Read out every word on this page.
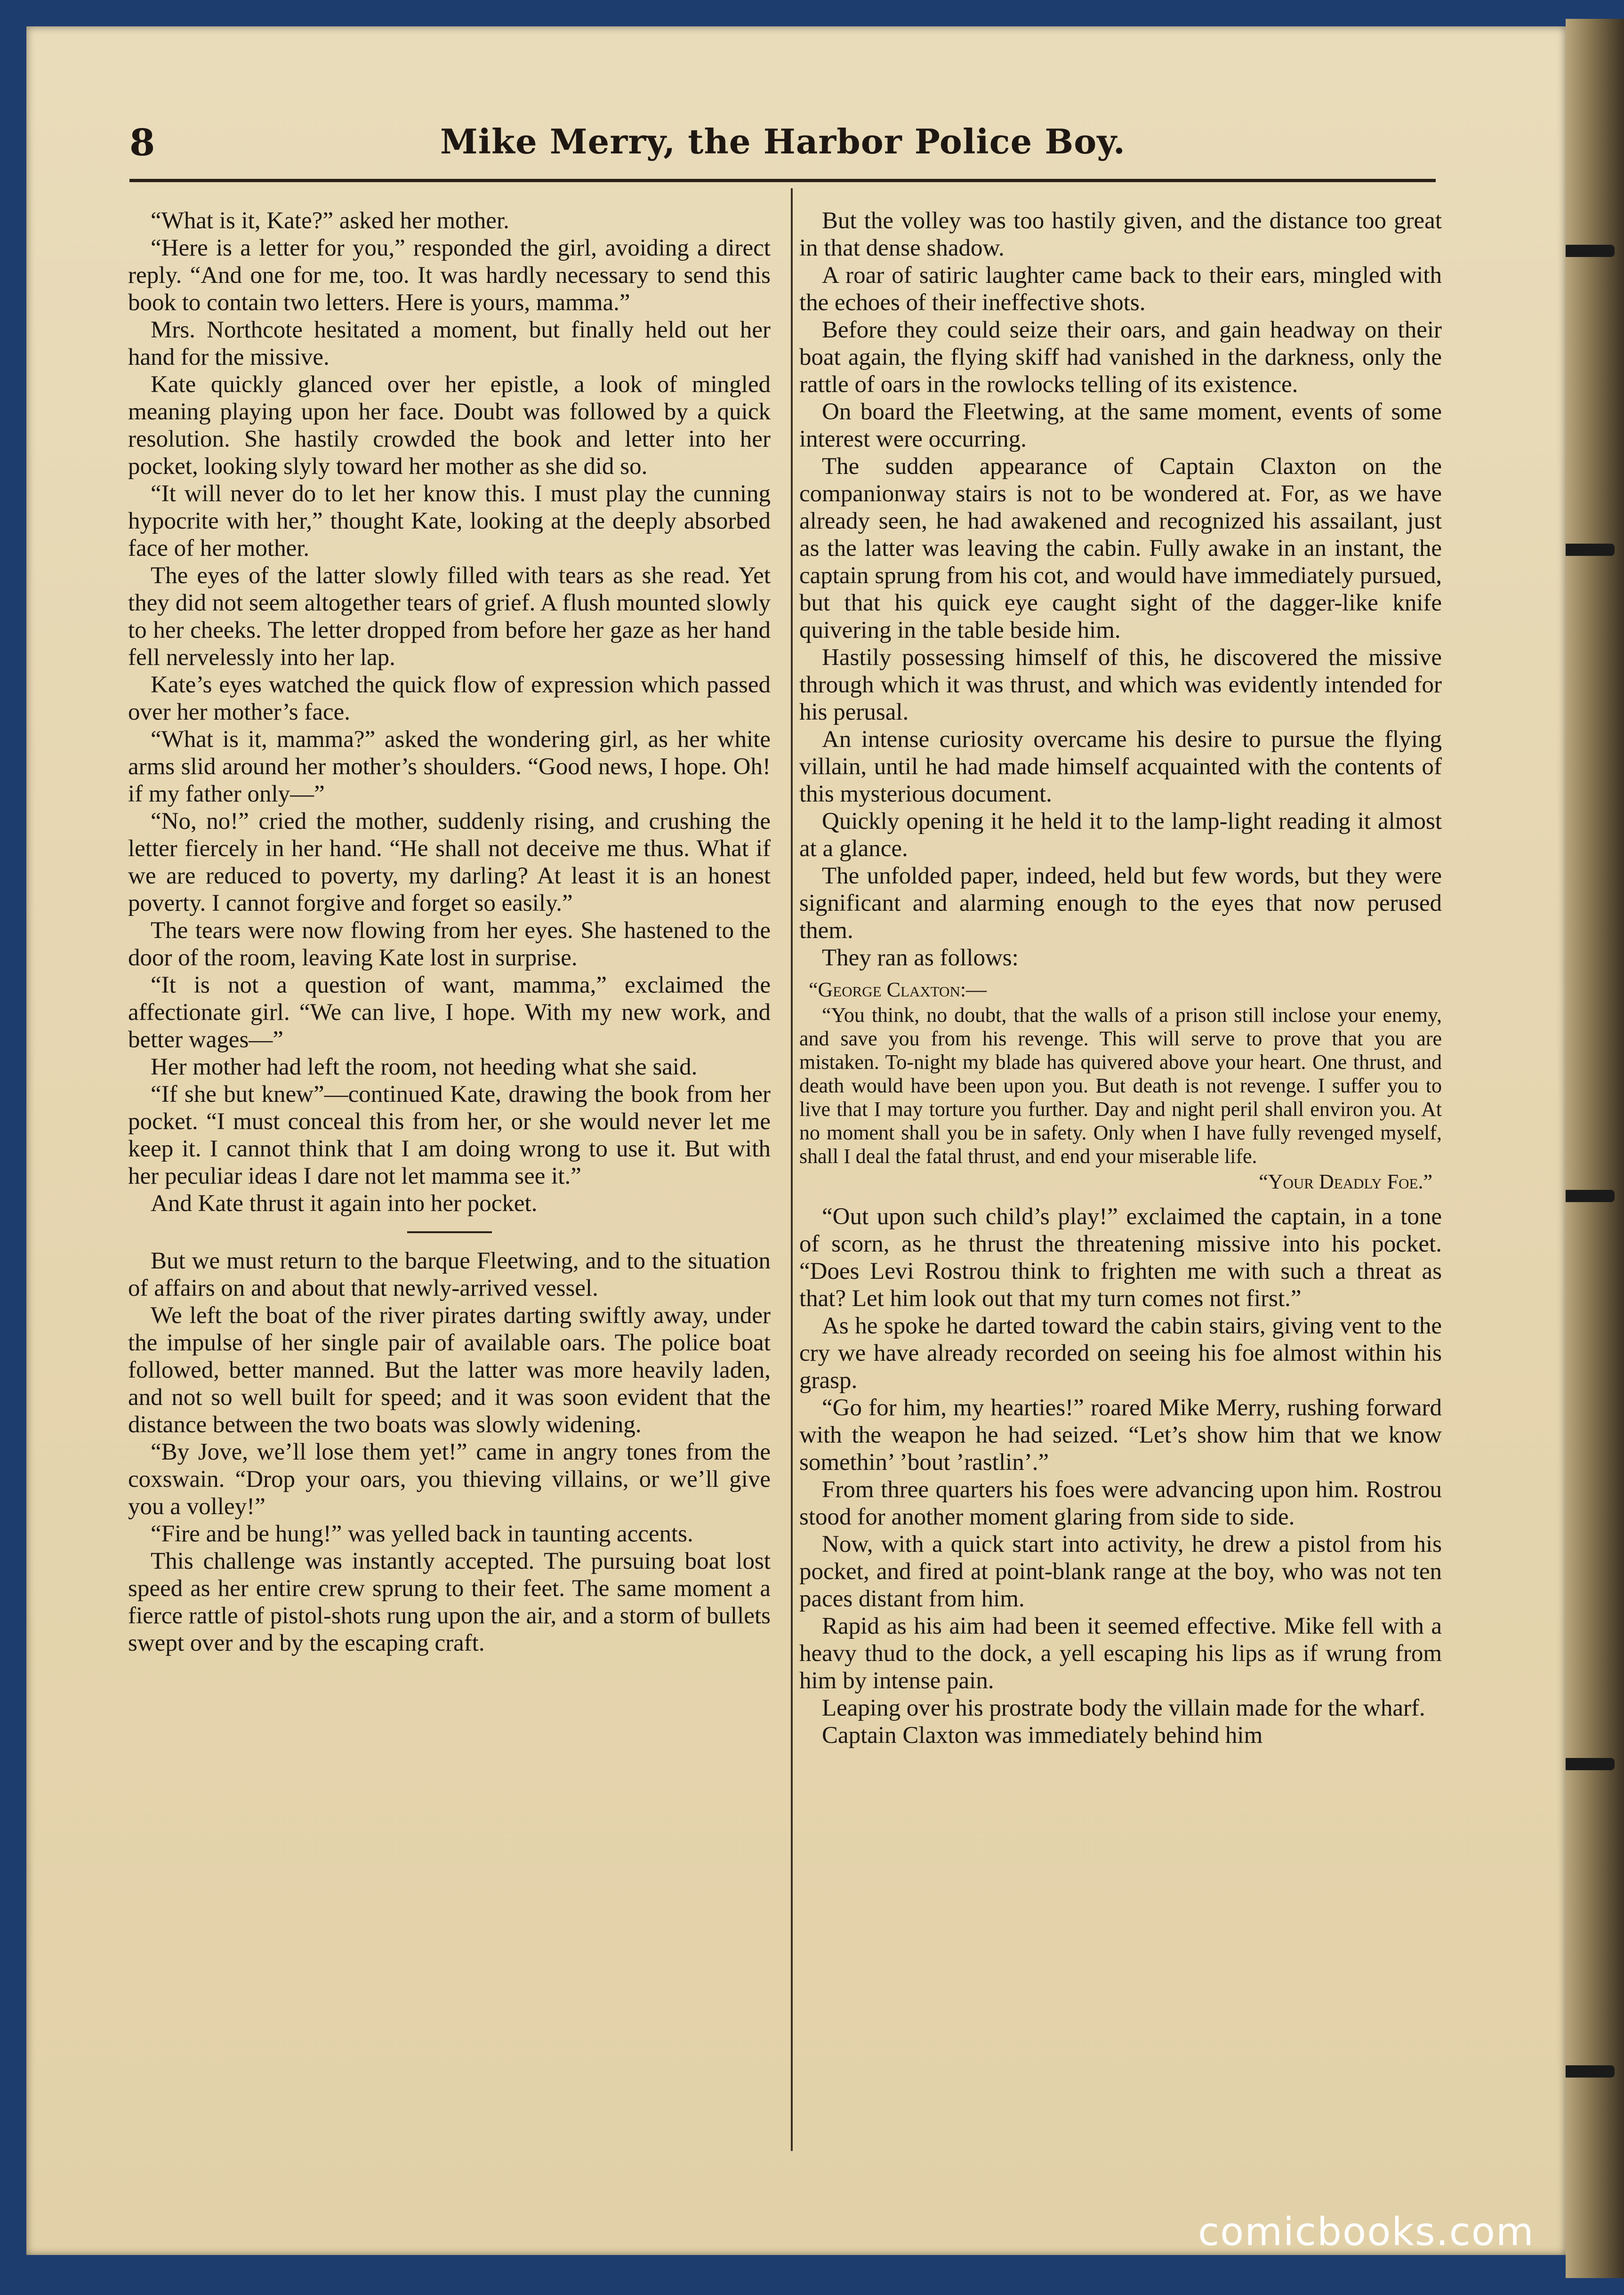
8	Mike Merry, the Harbor Police Boy.

“What is it, Kate?” asked her mother.

“Here is a letter for you,” responded the girl, avoiding a direct reply. “And one for me, too. It was hardly necessary to send this book to contain two letters. Here is yours, mamma.”

Mrs. Northcote hesitated a moment, but finally held out her hand for the missive.

Kate quickly glanced over her epistle, a look of mingled meaning playing upon her face. Doubt was followed by a quick resolution. She hastily crowded the book and letter into her pocket, looking slyly toward her mother as she did so.

“It will never do to let her know this. I must play the cunning hypocrite with her,” thought Kate, looking at the deeply absorbed face of her mother.

The eyes of the latter slowly filled with tears as she read. Yet they did not seem altogether tears of grief. A flush mounted slowly to her cheeks. The letter dropped from before her gaze as her hand fell nervelessly into her lap.

Kate’s eyes watched the quick flow of expression which passed over her mother’s face.

“What is it, mamma?” asked the wondering girl, as her white arms slid around her mother’s shoulders. “Good news, I hope. Oh! if my father only—”

“No, no!” cried the mother, suddenly rising, and crushing the letter fiercely in her hand. “He shall not deceive me thus. What if we are reduced to poverty, my darling? At least it is an honest poverty. I cannot forgive and forget so easily.”

The tears were now flowing from her eyes. She hastened to the door of the room, leaving Kate lost in surprise.

“It is not a question of want, mamma,” exclaimed the affectionate girl. “We can live, I hope. With my new work, and better wages—”

Her mother had left the room, not heeding what she said.

“If she but knew”—continued Kate, drawing the book from her pocket. “I must conceal this from her, or she would never let me keep it. I cannot think that I am doing wrong to use it. But with her peculiar ideas I dare not let mamma see it.”

And Kate thrust it again into her pocket.

But we must return to the barque Fleetwing, and to the situation of affairs on and about that newly-arrived vessel.

We left the boat of the river pirates darting swiftly away, under the impulse of her single pair of available oars. The police boat followed, better manned. But the latter was more heavily laden, and not so well built for speed; and it was soon evident that the distance between the two boats was slowly widening.

“By Jove, we’ll lose them yet!” came in angry tones from the coxswain. “Drop your oars, you thieving villains, or we’ll give you a volley!”

“Fire and be hung!” was yelled back in taunting accents.

This challenge was instantly accepted. The pursuing boat lost speed as her entire crew sprung to their feet. The same moment a fierce rattle of pistol-shots rung upon the air, and a storm of bullets swept over and by the escaping craft.

But the volley was too hastily given, and the distance too great in that dense shadow.

A roar of satiric laughter came back to their ears, mingled with the echoes of their ineffective shots.

Before they could seize their oars, and gain headway on their boat again, the flying skiff had vanished in the darkness, only the rattle of oars in the rowlocks telling of its existence.

On board the Fleetwing, at the same moment, events of some interest were occurring.

The sudden appearance of Captain Claxton on the companionway stairs is not to be wondered at. For, as we have already seen, he had awakened and recognized his assailant, just as the latter was leaving the cabin. Fully awake in an instant, the captain sprung from his cot, and would have immediately pursued, but that his quick eye caught sight of the dagger-like knife quivering in the table beside him.

Hastily possessing himself of this, he discovered the missive through which it was thrust, and which was evidently intended for his perusal.

An intense curiosity overcame his desire to pursue the flying villain, until he had made himself acquainted with the contents of this mysterious document.

Quickly opening it he held it to the lamp-light reading it almost at a glance.

The unfolded paper, indeed, held but few words, but they were significant and alarming enough to the eyes that now perused them.

They ran as follows:

“George Claxton:—

“You think, no doubt, that the walls of a prison still inclose your enemy, and save you from his revenge. This will serve to prove that you are mistaken. To-night my blade has quivered above your heart. One thrust, and death would have been upon you. But death is not revenge. I suffer you to live that I may torture you further. Day and night peril shall environ you. At no moment shall you be in safety. Only when I have fully revenged myself, shall I deal the fatal thrust, and end your miserable life.

“Your Deadly Foe.”

“Out upon such child’s play!” exclaimed the captain, in a tone of scorn, as he thrust the threatening missive into his pocket. “Does Levi Rostrou think to frighten me with such a threat as that? Let him look out that my turn comes not first.”

As he spoke he darted toward the cabin stairs, giving vent to the cry we have already recorded on seeing his foe almost within his grasp.

“Go for him, my hearties!” roared Mike Merry, rushing forward with the weapon he had seized. “Let’s show him that we know somethin’ ’bout ’rastlin’.”

From three quarters his foes were advancing upon him. Rostrou stood for another moment glaring from side to side.

Now, with a quick start into activity, he drew a pistol from his pocket, and fired at point-blank range at the boy, who was not ten paces distant from him.

Rapid as his aim had been it seemed effective. Mike fell with a heavy thud to the dock, a yell escaping his lips as if wrung from him by intense pain.

Leaping over his prostrate body the villain made for the wharf.

Captain Claxton was immediately behind him

comicbooks.com
